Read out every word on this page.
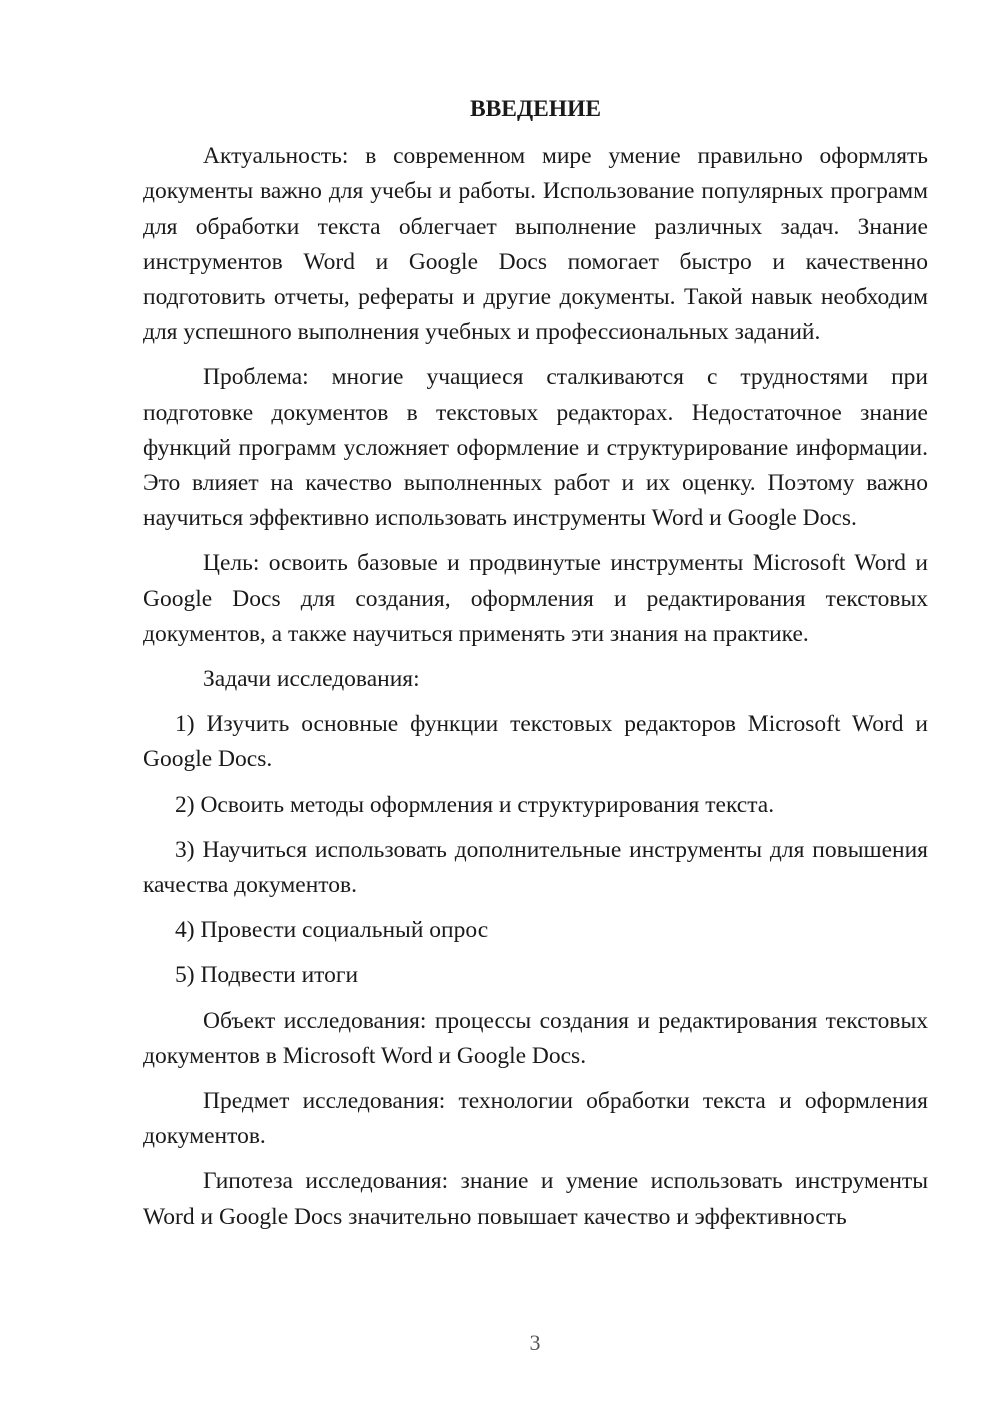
ВВЕДЕНИЕ

Актуальность: в современном мире умение правильно оформлять документы важно для учебы и работы. Использование популярных программ для обработки текста облегчает выполнение различных задач. Знание инструментов Word и Google Docs помогает быстро и качественно подготовить отчеты, рефераты и другие документы. Такой навык необходим для успешного выполнения учебных и профессиональных заданий.

Проблема: многие учащиеся сталкиваются с трудностями при подготовке документов в текстовых редакторах. Недостаточное знание функций программ усложняет оформление и структурирование информации. Это влияет на качество выполненных работ и их оценку. Поэтому важно научиться эффективно использовать инструменты Word и Google Docs.

Цель: освоить базовые и продвинутые инструменты Microsoft Word и Google Docs для создания, оформления и редактирования текстовых документов, а также научиться применять эти знания на практике.

Задачи исследования:

1) Изучить основные функции текстовых редакторов Microsoft Word и Google Docs.

2) Освоить методы оформления и структурирования текста.

3) Научиться использовать дополнительные инструменты для повышения качества документов.

4) Провести социальный опрос

5) Подвести итоги

Объект исследования: процессы создания и редактирования текстовых документов в Microsoft Word и Google Docs.

Предмет исследования: технологии обработки текста и оформления документов.

Гипотеза исследования: знание и умение использовать инструменты Word и Google Docs значительно повышает качество и эффективность

3
